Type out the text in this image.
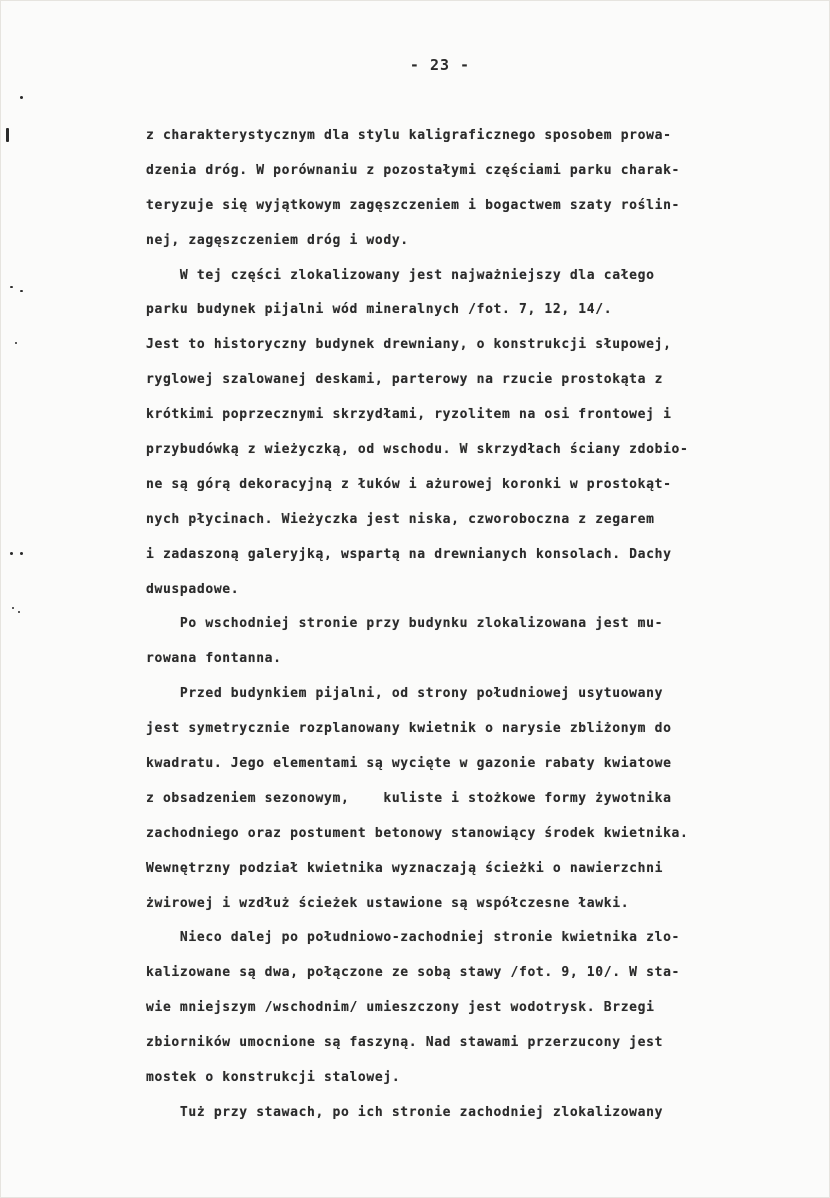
- 23 -
z charakterystycznym dla stylu kaligraficznego sposobem prowa-
dzenia dróg. W porównaniu z pozostałymi częściami parku charak-
teryzuje się wyjątkowym zagęszczeniem i bogactwem szaty roślin-
nej, zagęszczeniem dróg i wody.
W tej części zlokalizowany jest najważniejszy dla całego
parku budynek pijalni wód mineralnych /fot. 7, 12, 14/.
Jest to historyczny budynek drewniany, o konstrukcji słupowej,
ryglowej szalowanej deskami, parterowy na rzucie prostokąta z
krótkimi poprzecznymi skrzydłami, ryzolitem na osi frontowej i
przybudówką z wieżyczką, od wschodu. W skrzydłach ściany zdobio-
ne są górą dekoracyjną z łuków i ażurowej koronki w prostokąt-
nych płycinach. Wieżyczka jest niska, czworoboczna z zegarem
i zadaszoną galeryjką, wspartą na drewnianych konsolach. Dachy
dwuspadowe.
Po wschodniej stronie przy budynku zlokalizowana jest mu-
rowana fontanna.
Przed budynkiem pijalni, od strony południowej usytuowany
jest symetrycznie rozplanowany kwietnik o narysie zbliżonym do
kwadratu. Jego elementami są wycięte w gazonie rabaty kwiatowe
z obsadzeniem sezonowym,    kuliste i stożkowe formy żywotnika
zachodniego oraz postument betonowy stanowiący środek kwietnika.
Wewnętrzny podział kwietnika wyznaczają ścieżki o nawierzchni
żwirowej i wzdłuż ścieżek ustawione są współczesne ławki.
Nieco dalej po południowo-zachodniej stronie kwietnika zlo-
kalizowane są dwa, połączone ze sobą stawy /fot. 9, 10/. W sta-
wie mniejszym /wschodnim/ umieszczony jest wodotrysk. Brzegi
zbiorników umocnione są faszyną. Nad stawami przerzucony jest
mostek o konstrukcji stalowej.
Tuż przy stawach, po ich stronie zachodniej zlokalizowany
